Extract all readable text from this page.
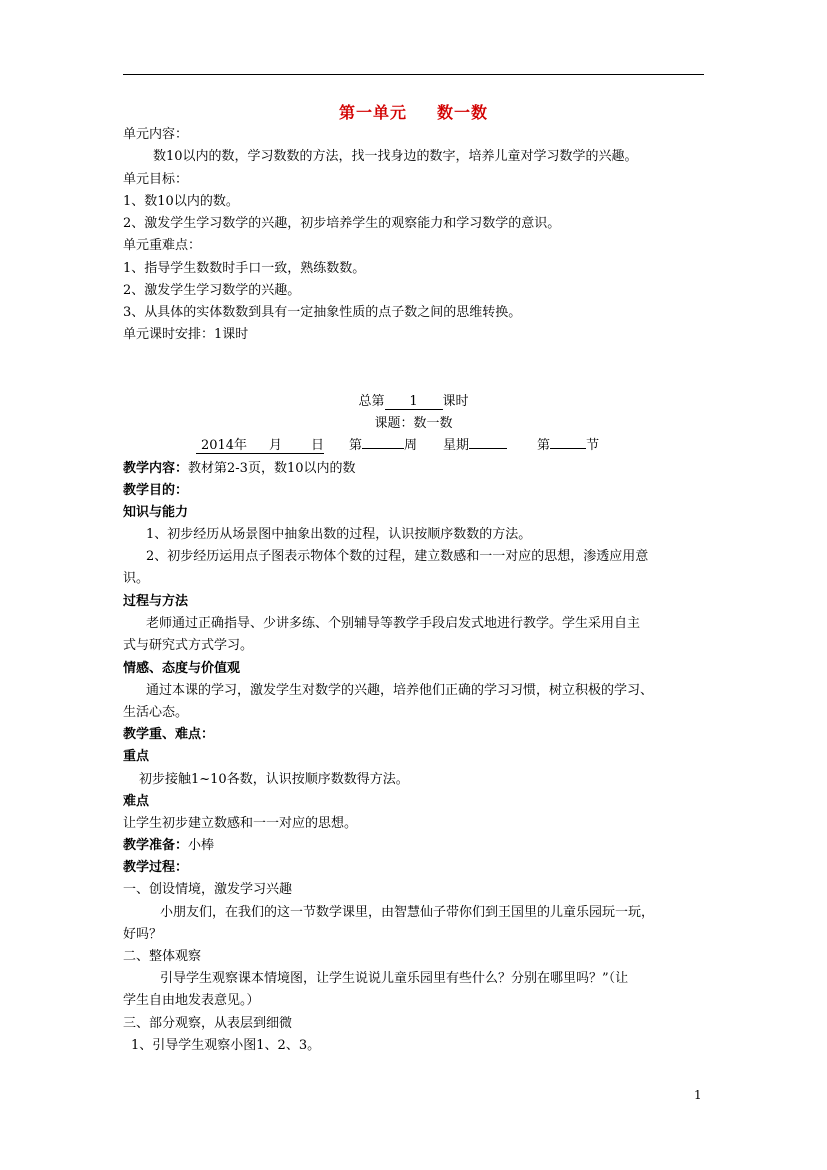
第一单元 数一数
单元内容：
数10以内的数，学习数数的方法，找一找身边的数字，培养儿童对学习数学的兴趣。
单元目标：
1、数10以内的数。
2、激发学生学习数学的兴趣，初步培养学生的观察能力和学习数学的意识。
单元重难点：
1、指导学生数数时手口一致，熟练数数。
2、激发学生学习数学的兴趣。
3、从具体的实体数数到具有一定抽象性质的点子数之间的思维转换。
单元课时安排：1课时
总第 1 课时
课题：数一数
2014年 月 日 第	周 星期	第	节
教学内容：教材第2-3页，数10以内的数
教学目的：
知识与能力
1、初步经历从场景图中抽象出数的过程，认识按顺序数数的方法。
2、初步经历运用点子图表示物体个数的过程，建立数感和一一对应的思想，渗透应用意
识。
过程与方法
老师通过正确指导、少讲多练、个别辅导等教学手段启发式地进行教学。学生采用自主
式与研究式方式学习。
情感、态度与价值观
通过本课的学习，激发学生对数学的兴趣，培养他们正确的学习习惯，树立积极的学习、
生活心态。
教学重、难点：
重点
初步接触1~10各数，认识按顺序数数得方法。
难点
让学生初步建立数感和一一对应的思想。
教学准备：小棒
教学过程：
一、创设情境，激发学习兴趣
小朋友们，在我们的这一节数学课里，由智慧仙子带你们到王国里的儿童乐园玩一玩，
好吗？
二、整体观察
引导学生观察课本情境图，让学生说说儿童乐园里有些什么？分别在哪里吗？”（让
学生自由地发表意见。）
三、部分观察，从表层到细微
1、引导学生观察小图1、2、3。
1
